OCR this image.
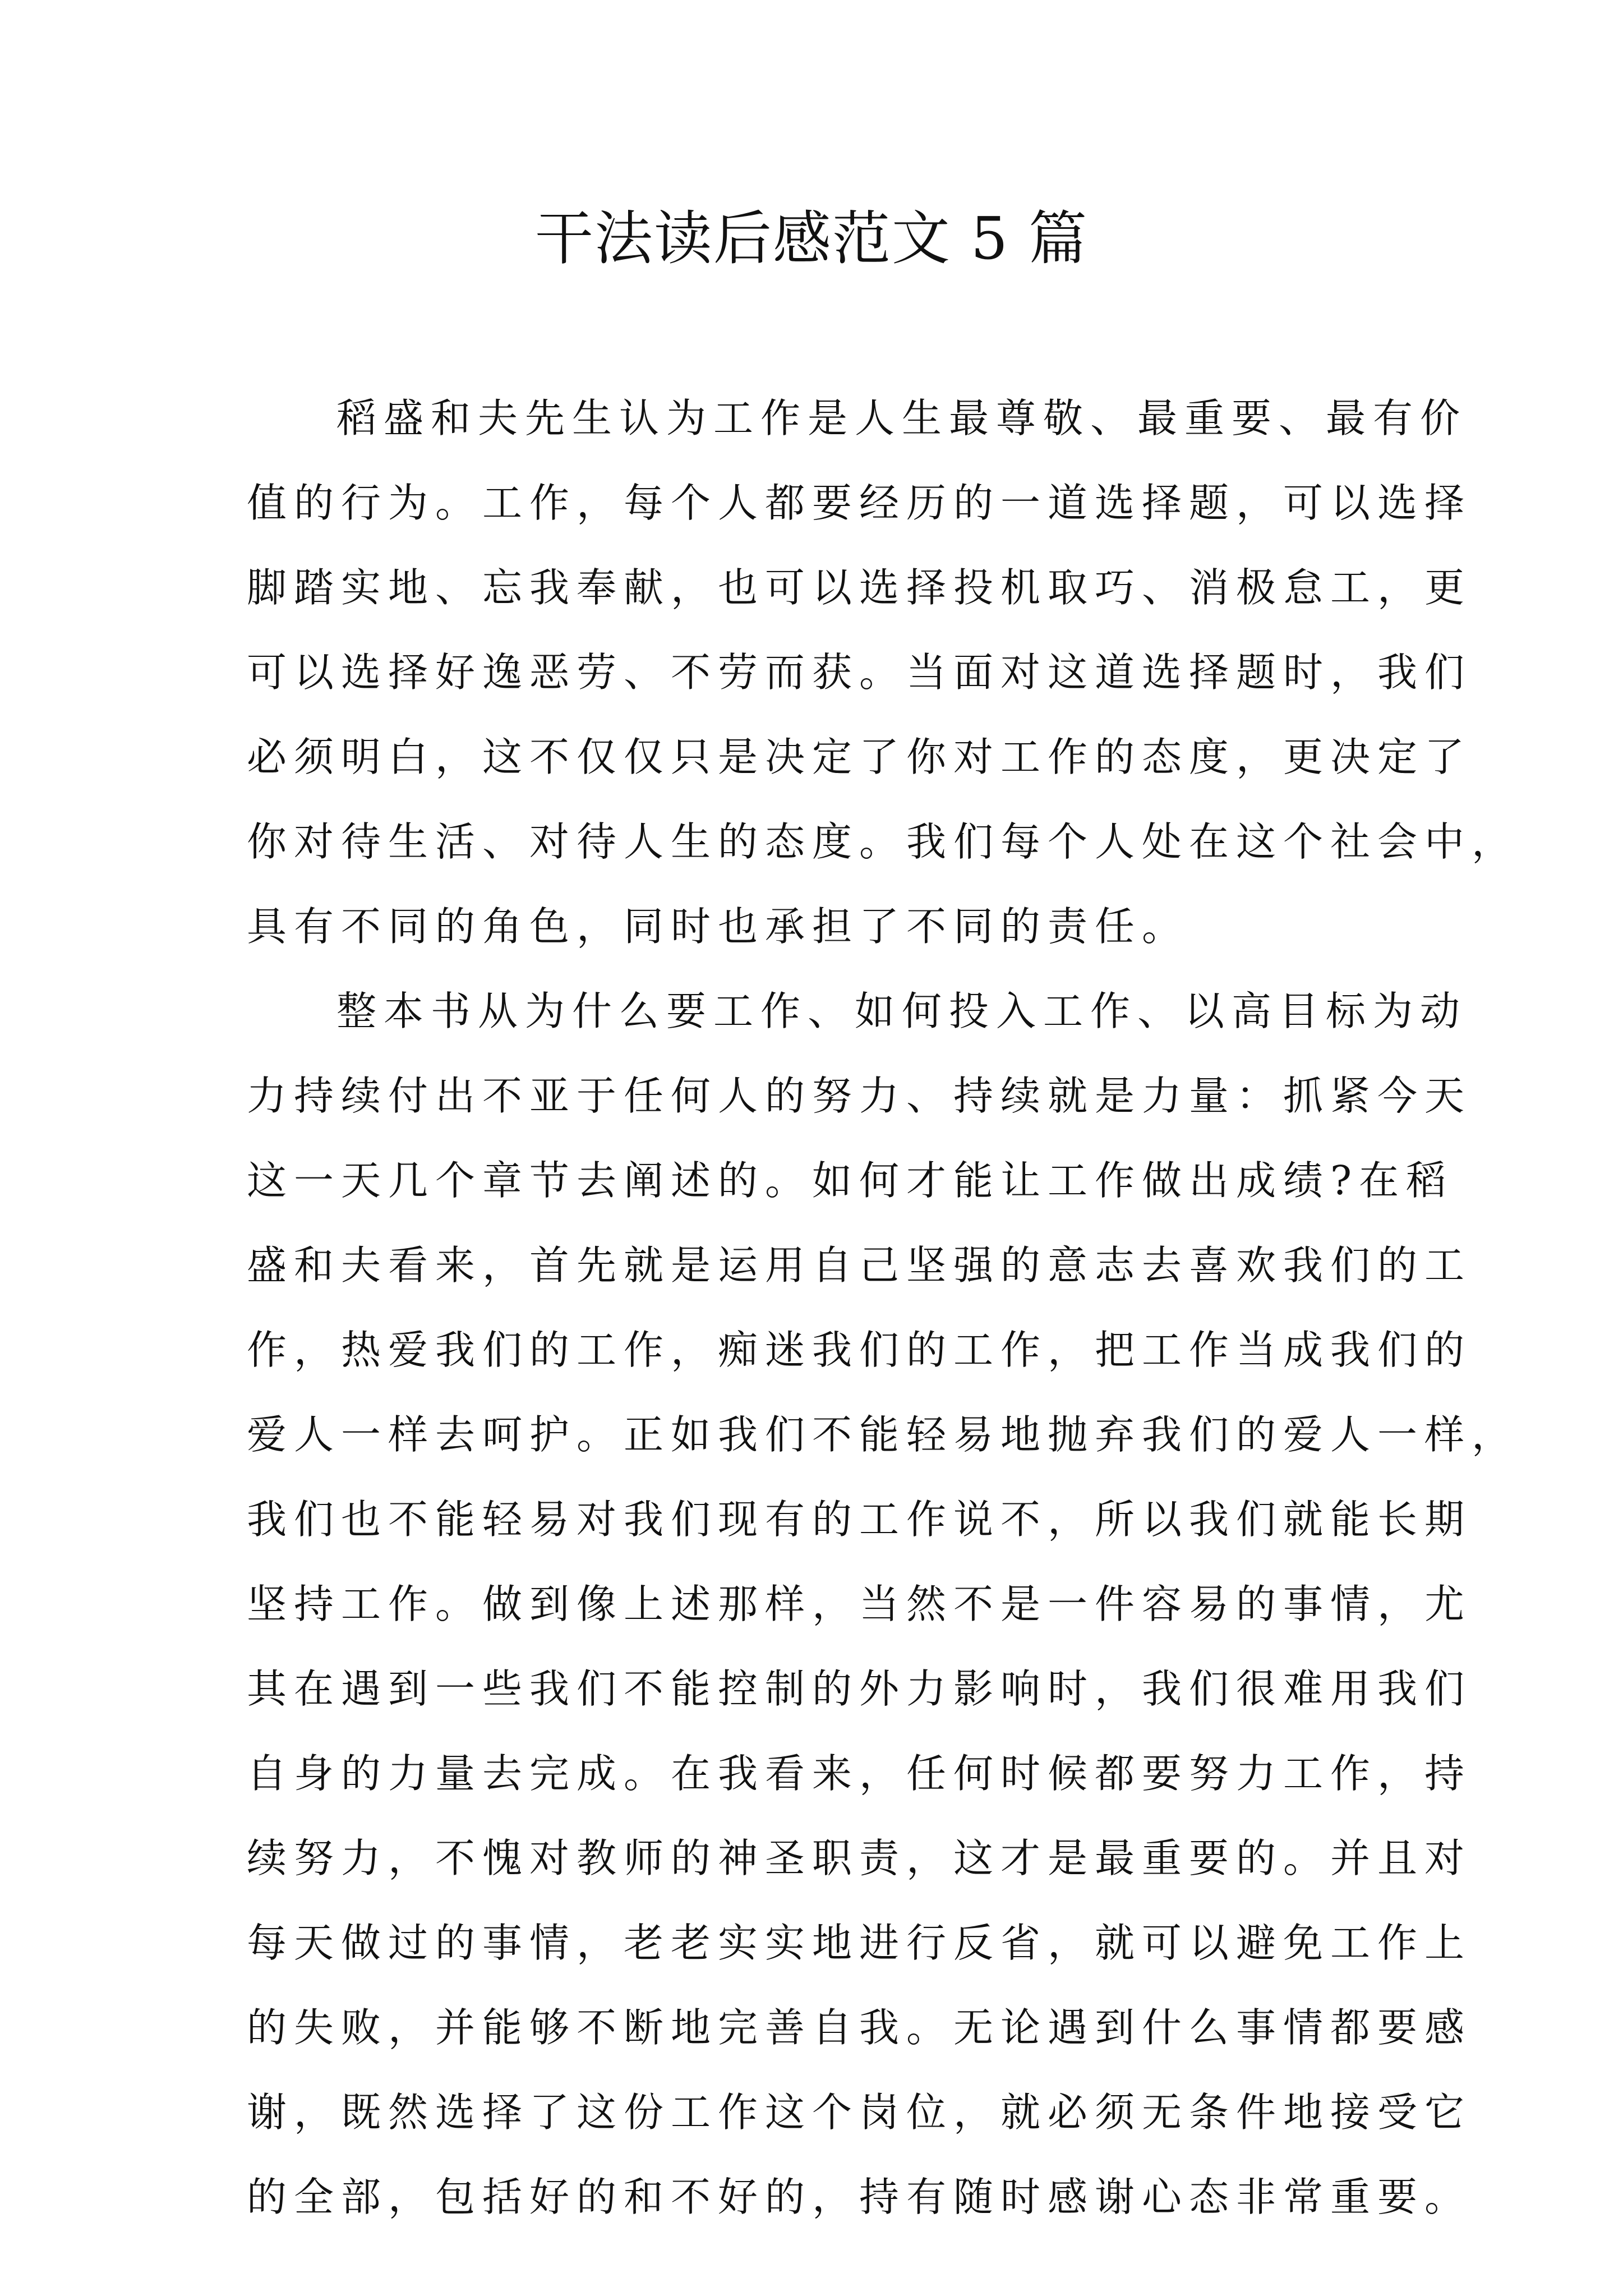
干法读后感范文 5 篇

稻盛和夫先生认为工作是人生最尊敬、最重要、最有价
值的行为。工作，每个人都要经历的一道选择题，可以选择
脚踏实地、忘我奉献，也可以选择投机取巧、消极怠工，更
可以选择好逸恶劳、不劳而获。当面对这道选择题时，我们
必须明白，这不仅仅只是决定了你对工作的态度，更决定了
你对待生活、对待人生的态度。我们每个人处在这个社会中，
具有不同的角色，同时也承担了不同的责任。

整本书从为什么要工作、如何投入工作、以高目标为动
力持续付出不亚于任何人的努力、持续就是力量：抓紧今天
这一天几个章节去阐述的。如何才能让工作做出成绩?在稻
盛和夫看来，首先就是运用自己坚强的意志去喜欢我们的工
作，热爱我们的工作，痴迷我们的工作，把工作当成我们的
爱人一样去呵护。正如我们不能轻易地抛弃我们的爱人一样，
我们也不能轻易对我们现有的工作说不，所以我们就能长期
坚持工作。做到像上述那样，当然不是一件容易的事情，尤
其在遇到一些我们不能控制的外力影响时，我们很难用我们
自身的力量去完成。在我看来，任何时候都要努力工作，持
续努力，不愧对教师的神圣职责，这才是最重要的。并且对
每天做过的事情，老老实实地进行反省，就可以避免工作上
的失败，并能够不断地完善自我。无论遇到什么事情都要感
谢，既然选择了这份工作这个岗位，就必须无条件地接受它
的全部，包括好的和不好的，持有随时感谢心态非常重要。
